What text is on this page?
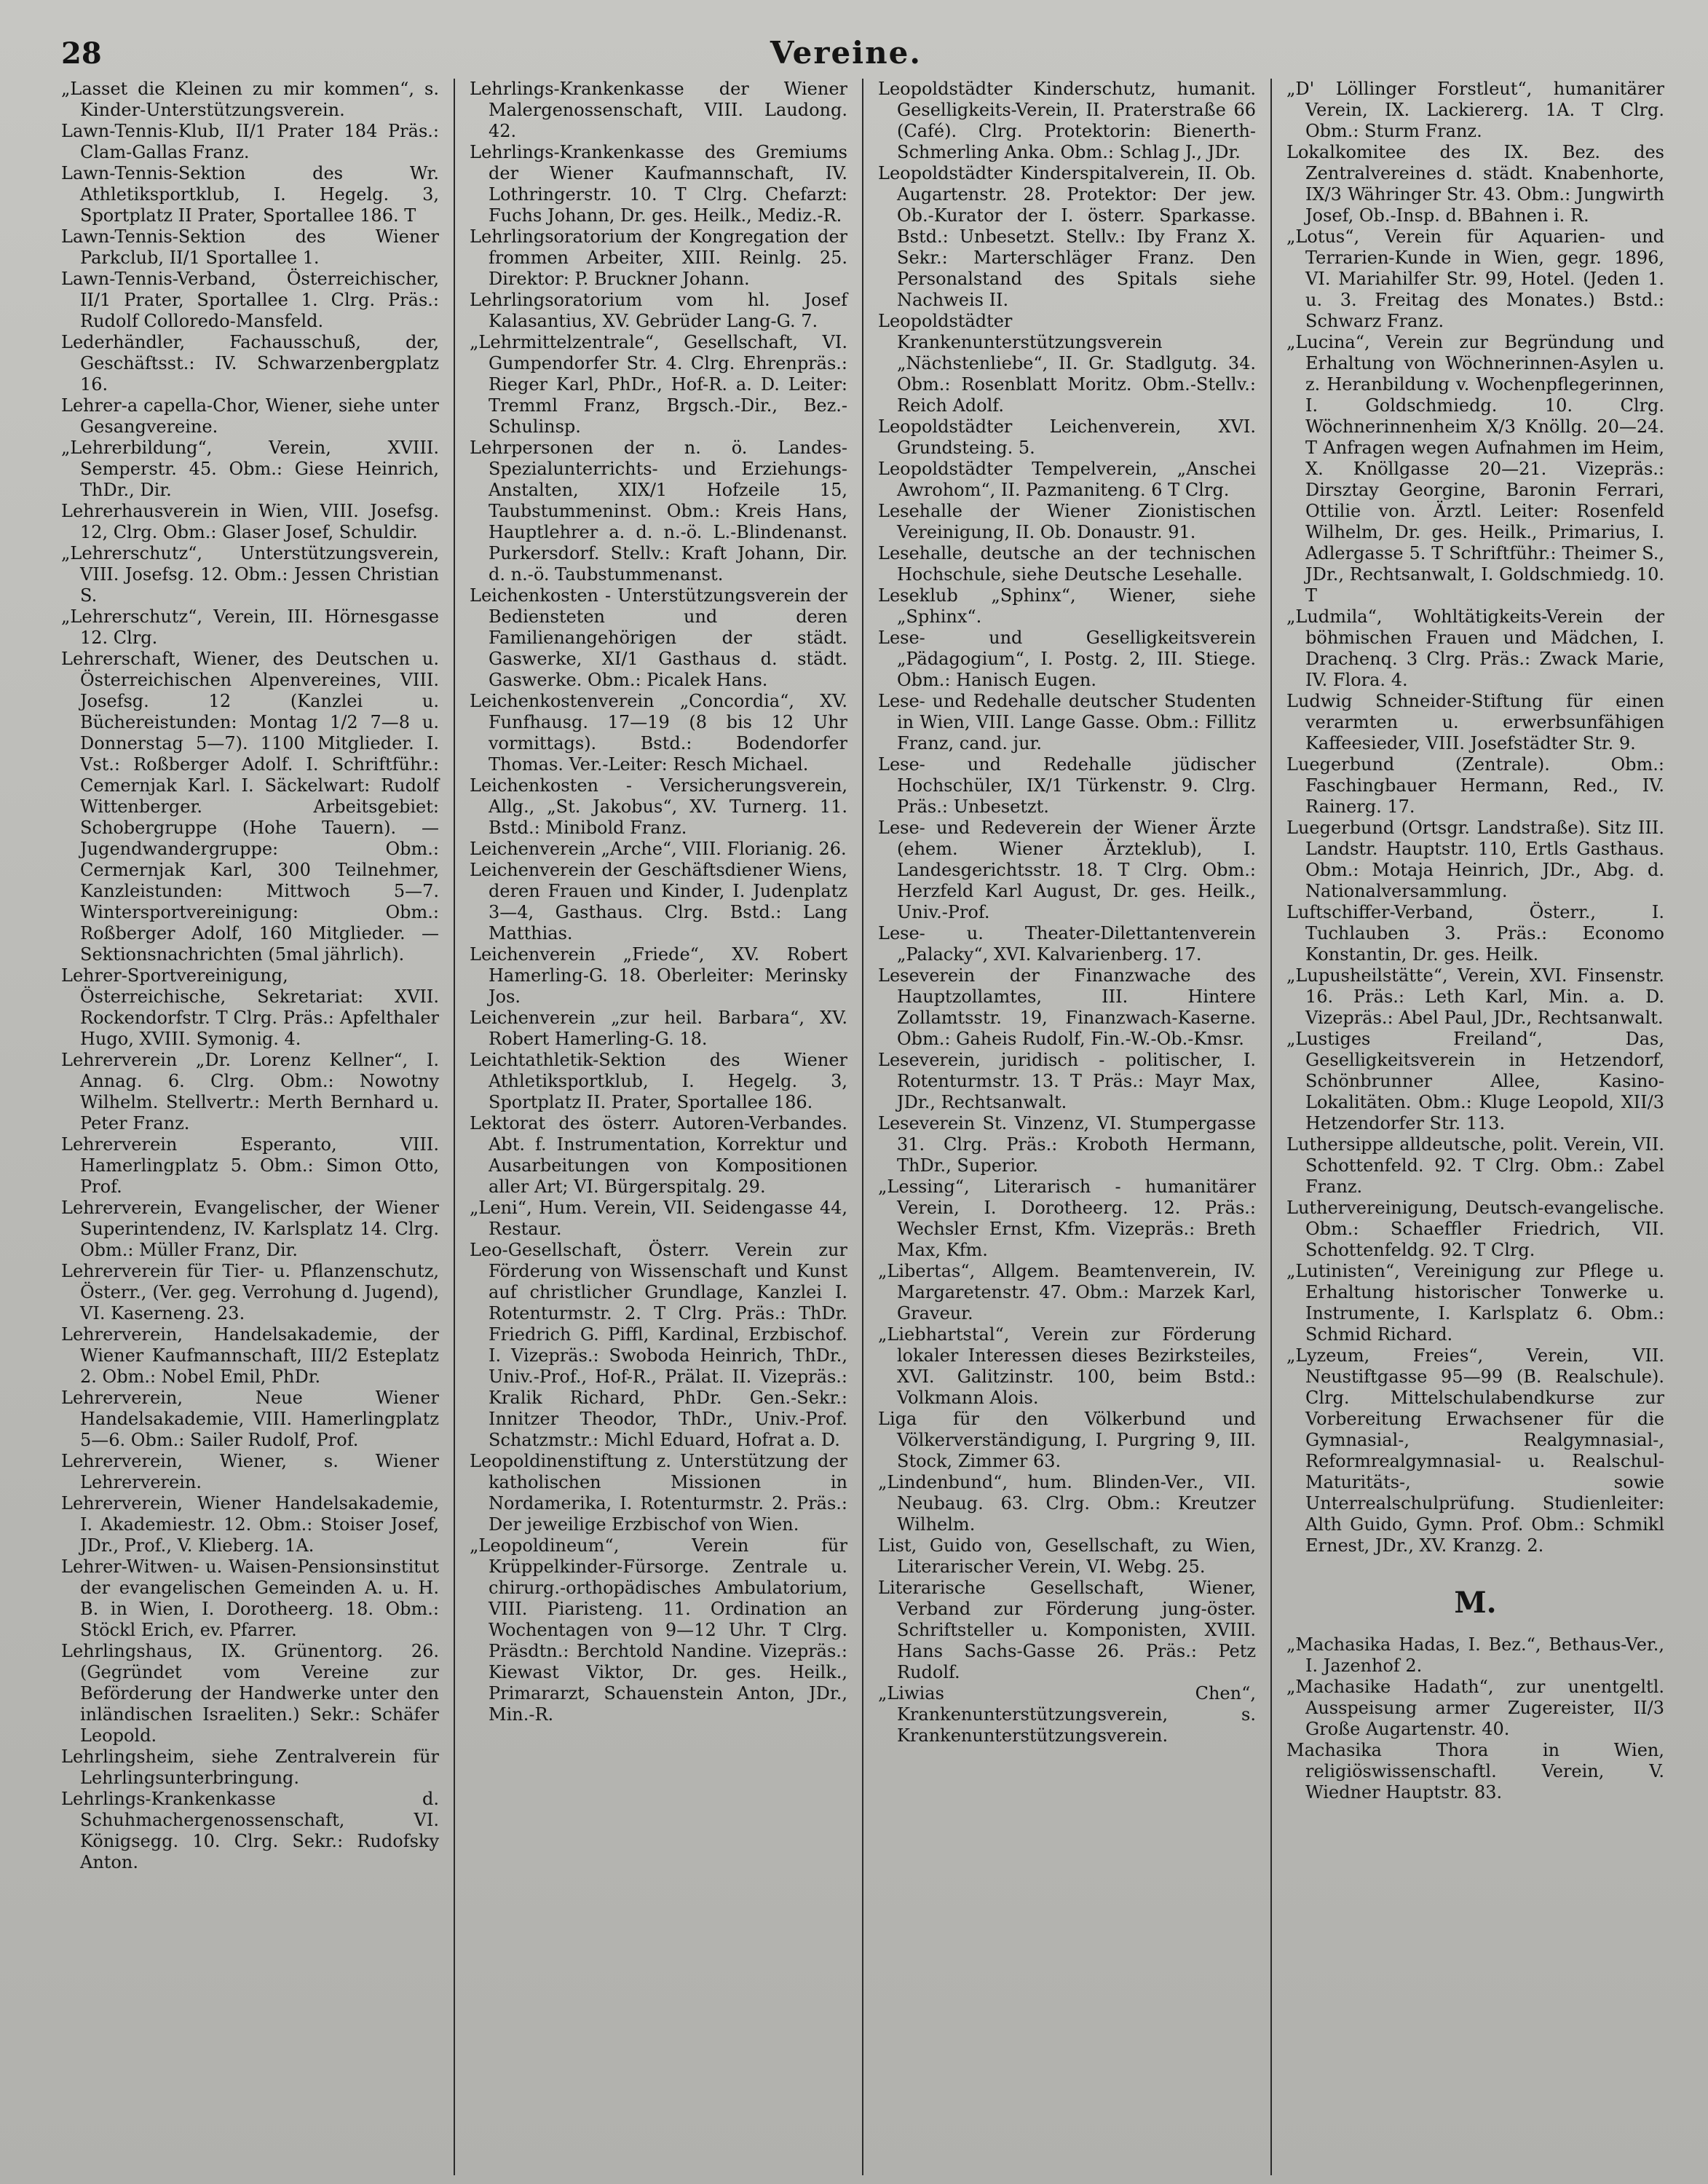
28	Vereine.

„Lasset die Kleinen zu mir kommen“, s. Kinder-Unterstützungsverein.

Lawn-Tennis-Klub, II/1 Prater 184 Präs.: Clam-Gallas Franz.

Lawn-Tennis-Sektion des Wr. Athletiksportklub, I. Hegelg. 3, Sportplatz II Prater, Sportallee 186. T

Lawn-Tennis-Sektion des Wiener Parkclub, II/1 Sportallee 1.

Lawn-Tennis-Verband, Österreichischer, II/1 Prater, Sportallee 1. Clrg. Präs.: Rudolf Colloredo-Mansfeld.

Lederhändler, Fachausschuß, der, Geschäftsst.: IV. Schwarzenbergplatz 16.

Lehrer-a capella-Chor, Wiener, siehe unter Gesangvereine.

„Lehrerbildung“, Verein, XVIII. Semperstr. 45. Obm.: Giese Heinrich, ThDr., Dir.

Lehrerhausverein in Wien, VIII. Josefsg. 12, Clrg. Obm.: Glaser Josef, Schuldir.

„Lehrerschutz“, Unterstützungsverein, VIII. Josefsg. 12. Obm.: Jessen Christian S.

„Lehrerschutz“, Verein, III. Hörnesgasse 12. Clrg.

Lehrerschaft, Wiener, des Deutschen u. Österreichischen Alpenvereines, VIII. Josefsg. 12 (Kanzlei u. Büchereistunden: Montag 1/2 7—8 u. Donnerstag 5—7). 1100 Mitglieder. I. Vst.: Roßberger Adolf. I. Schriftführ.: Cemernjak Karl. I. Säckelwart: Rudolf Wittenberger. Arbeitsgebiet: Schobergruppe (Hohe Tauern). — Jugendwandergruppe: Obm.: Cermernjak Karl, 300 Teilnehmer, Kanzleistunden: Mittwoch 5—7. Wintersportvereinigung: Obm.: Roßberger Adolf, 160 Mitglieder. — Sektionsnachrichten (5mal jährlich).

Lehrer-Sportvereinigung, Österreichische, Sekretariat: XVII. Rockendorfstr. T Clrg. Präs.: Apfelthaler Hugo, XVIII. Symonig. 4.

Lehrerverein „Dr. Lorenz Kellner“, I. Annag. 6. Clrg. Obm.: Nowotny Wilhelm. Stellvertr.: Merth Bernhard u. Peter Franz.

Lehrerverein Esperanto, VIII. Hamerlingplatz 5. Obm.: Simon Otto, Prof.

Lehrerverein, Evangelischer, der Wiener Superintendenz, IV. Karlsplatz 14. Clrg. Obm.: Müller Franz, Dir.

Lehrerverein für Tier- u. Pflanzenschutz, Österr., (Ver. geg. Verrohung d. Jugend), VI. Kaserneng. 23.

Lehrerverein, Handelsakademie, der Wiener Kaufmannschaft, III/2 Esteplatz 2. Obm.: Nobel Emil, PhDr.

Lehrerverein, Neue Wiener Handelsakademie, VIII. Hamerlingplatz 5—6. Obm.: Sailer Rudolf, Prof.

Lehrerverein, Wiener, s. Wiener Lehrerverein.

Lehrerverein, Wiener Handelsakademie, I. Akademiestr. 12. Obm.: Stoiser Josef, JDr., Prof., V. Klieberg. 1A.

Lehrer-Witwen- u. Waisen-Pensionsinstitut der evangelischen Gemeinden A. u. H. B. in Wien, I. Dorotheerg. 18. Obm.: Stöckl Erich, ev. Pfarrer.

Lehrlingshaus, IX. Grünentorg. 26. (Gegründet vom Vereine zur Beförderung der Handwerke unter den inländischen Israeliten.) Sekr.: Schäfer Leopold.

Lehrlingsheim, siehe Zentralverein für Lehrlingsunterbringung.

Lehrlings-Krankenkasse d. Schuhmachergenossenschaft, VI. Königsegg. 10. Clrg. Sekr.: Rudofsky Anton.

Lehrlings-Krankenkasse der Wiener Malergenossenschaft, VIII. Laudong. 42.

Lehrlings-Krankenkasse des Gremiums der Wiener Kaufmannschaft, IV. Lothringerstr. 10. T Clrg. Chefarzt: Fuchs Johann, Dr. ges. Heilk., Mediz.-R.

Lehrlingsoratorium der Kongregation der frommen Arbeiter, XIII. Reinlg. 25. Direktor: P. Bruckner Johann.

Lehrlingsoratorium vom hl. Josef Kalasantius, XV. Gebrüder Lang-G. 7.

„Lehrmittelzentrale“, Gesellschaft, VI. Gumpendorfer Str. 4. Clrg. Ehrenpräs.: Rieger Karl, PhDr., Hof-R. a. D. Leiter: Tremml Franz, Brgsch.-Dir., Bez.-Schulinsp.

Lehrpersonen der n. ö. Landes-Spezialunterrichts- und Erziehungs-Anstalten, XIX/1 Hofzeile 15, Taubstummeninst. Obm.: Kreis Hans, Hauptlehrer a. d. n.-ö. L.-Blindenanst. Purkersdorf. Stellv.: Kraft Johann, Dir. d. n.-ö. Taubstummenanst.

Leichenkosten - Unterstützungsverein der Bediensteten und deren Familienangehörigen der städt. Gaswerke, XI/1 Gasthaus d. städt. Gaswerke. Obm.: Picalek Hans.

Leichenkostenverein „Concordia“, XV. Funfhausg. 17—19 (8 bis 12 Uhr vormittags). Bstd.: Bodendorfer Thomas. Ver.-Leiter: Resch Michael.

Leichenkosten - Versicherungsverein, Allg., „St. Jakobus“, XV. Turnerg. 11. Bstd.: Minibold Franz.

Leichenverein „Arche“, VIII. Florianig. 26.

Leichenverein der Geschäftsdiener Wiens, deren Frauen und Kinder, I. Judenplatz 3—4, Gasthaus. Clrg. Bstd.: Lang Matthias.

Leichenverein „Friede“, XV. Robert Hamerling-G. 18. Oberleiter: Merinsky Jos.

Leichenverein „zur heil. Barbara“, XV. Robert Hamerling-G. 18.

Leichtathletik-Sektion des Wiener Athletiksportklub, I. Hegelg. 3, Sportplatz II. Prater, Sportallee 186.

Lektorat des österr. Autoren-Verbandes. Abt. f. Instrumentation, Korrektur und Ausarbeitungen von Kompositionen aller Art; VI. Bürgerspitalg. 29.

„Leni“, Hum. Verein, VII. Seidengasse 44, Restaur.

Leo-Gesellschaft, Österr. Verein zur Förderung von Wissenschaft und Kunst auf christlicher Grundlage, Kanzlei I. Rotenturmstr. 2. T Clrg. Präs.: ThDr. Friedrich G. Piffl, Kardinal, Erzbischof. I. Vizepräs.: Swoboda Heinrich, ThDr., Univ.-Prof., Hof-R., Prälat. II. Vizepräs.: Kralik Richard, PhDr. Gen.-Sekr.: Innitzer Theodor, ThDr., Univ.-Prof. Schatzmstr.: Michl Eduard, Hofrat a. D.

Leopoldinenstiftung z. Unterstützung der katholischen Missionen in Nordamerika, I. Rotenturmstr. 2. Präs.: Der jeweilige Erzbischof von Wien.

„Leopoldineum“, Verein für Krüppelkinder-Fürsorge. Zentrale u. chirurg.-orthopädisches Ambulatorium, VIII. Piaristeng. 11. Ordination an Wochentagen von 9—12 Uhr. T Clrg. Präsdtn.: Berchtold Nandine. Vizepräs.: Kiewast Viktor, Dr. ges. Heilk., Primararzt, Schauenstein Anton, JDr., Min.-R.

Leopoldstädter Kinderschutz, humanit. Geselligkeits-Verein, II. Praterstraße 66 (Café). Clrg. Protektorin: Bienerth-Schmerling Anka. Obm.: Schlag J., JDr.

Leopoldstädter Kinderspitalverein, II. Ob. Augartenstr. 28. Protektor: Der jew. Ob.-Kurator der I. österr. Sparkasse. Bstd.: Unbesetzt. Stellv.: Iby Franz X. Sekr.: Marterschläger Franz. Den Personalstand des Spitals siehe Nachweis II.

Leopoldstädter Krankenunterstützungsverein „Nächstenliebe“, II. Gr. Stadlgutg. 34. Obm.: Rosenblatt Moritz. Obm.-Stellv.: Reich Adolf.

Leopoldstädter Leichenverein, XVI. Grundsteing. 5.

Leopoldstädter Tempelverein, „Anschei Awrohom“, II. Pazmaniteng. 6 T Clrg.

Lesehalle der Wiener Zionistischen Vereinigung, II. Ob. Donaustr. 91.

Lesehalle, deutsche an der technischen Hochschule, siehe Deutsche Lesehalle.

Leseklub „Sphinx“, Wiener, siehe „Sphinx“.

Lese- und Geselligkeitsverein „Pädagogium“, I. Postg. 2, III. Stiege. Obm.: Hanisch Eugen.

Lese- und Redehalle deutscher Studenten in Wien, VIII. Lange Gasse. Obm.: Fillitz Franz, cand. jur.

Lese- und Redehalle jüdischer Hochschüler, IX/1 Türkenstr. 9. Clrg. Präs.: Unbesetzt.

Lese- und Redeverein der Wiener Ärzte (ehem. Wiener Ärzteklub), I. Landesgerichtsstr. 18. T Clrg. Obm.: Herzfeld Karl August, Dr. ges. Heilk., Univ.-Prof.

Lese- u. Theater-Dilettantenverein „Palacky“, XVI. Kalvarienberg. 17.

Leseverein der Finanzwache des Hauptzollamtes, III. Hintere Zollamtsstr. 19, Finanzwach-Kaserne. Obm.: Gaheis Rudolf, Fin.-W.-Ob.-Kmsr.

Leseverein, juridisch - politischer, I. Rotenturmstr. 13. T Präs.: Mayr Max, JDr., Rechtsanwalt.

Leseverein St. Vinzenz, VI. Stumpergasse 31. Clrg. Präs.: Kroboth Hermann, ThDr., Superior.

„Lessing“, Literarisch - humanitärer Verein, I. Dorotheerg. 12. Präs.: Wechsler Ernst, Kfm. Vizepräs.: Breth Max, Kfm.

„Libertas“, Allgem. Beamtenverein, IV. Margaretenstr. 47. Obm.: Marzek Karl, Graveur.

„Liebhartstal“, Verein zur Förderung lokaler Interessen dieses Bezirksteiles, XVI. Galitzinstr. 100, beim Bstd.: Volkmann Alois.

Liga für den Völkerbund und Völkerverständigung, I. Purgring 9, III. Stock, Zimmer 63.

„Lindenbund“, hum. Blinden-Ver., VII. Neubaug. 63. Clrg. Obm.: Kreutzer Wilhelm.

List, Guido von, Gesellschaft, zu Wien, Literarischer Verein, VI. Webg. 25.

Literarische Gesellschaft, Wiener, Verband zur Förderung jung-öster. Schriftsteller u. Komponisten, XVIII. Hans Sachs-Gasse 26. Präs.: Petz Rudolf.

„Liwias Chen“, Krankenunterstützungsverein, s. Krankenunterstützungsverein.

„D' Löllinger Forstleut“, humanitärer Verein, IX. Lackiererg. 1A. T Clrg. Obm.: Sturm Franz.

Lokalkomitee des IX. Bez. des Zentralvereines d. städt. Knabenhorte, IX/3 Währinger Str. 43. Obm.: Jungwirth Josef, Ob.-Insp. d. BBahnen i. R.

„Lotus“, Verein für Aquarien- und Terrarien-Kunde in Wien, gegr. 1896, VI. Mariahilfer Str. 99, Hotel. (Jeden 1. u. 3. Freitag des Monates.) Bstd.: Schwarz Franz.

„Lucina“, Verein zur Begründung und Erhaltung von Wöchnerinnen-Asylen u. z. Heranbildung v. Wochenpflegerinnen, I. Goldschmiedg. 10. Clrg. Wöchnerinnenheim X/3 Knöllg. 20—24. T Anfragen wegen Aufnahmen im Heim, X. Knöllgasse 20—21. Vizepräs.: Dirsztay Georgine, Baronin Ferrari, Ottilie von. Ärztl. Leiter: Rosenfeld Wilhelm, Dr. ges. Heilk., Primarius, I. Adlergasse 5. T Schriftführ.: Theimer S., JDr., Rechtsanwalt, I. Goldschmiedg. 10. T

„Ludmila“, Wohltätigkeits-Verein der böhmischen Frauen und Mädchen, I. Drachenq. 3 Clrg. Präs.: Zwack Marie, IV. Flora. 4.

Ludwig Schneider-Stiftung für einen verarmten u. erwerbsunfähigen Kaffeesieder, VIII. Josefstädter Str. 9.

Luegerbund (Zentrale). Obm.: Faschingbauer Hermann, Red., IV. Rainerg. 17.

Luegerbund (Ortsgr. Landstraße). Sitz III. Landstr. Hauptstr. 110, Ertls Gasthaus. Obm.: Motaja Heinrich, JDr., Abg. d. Nationalversammlung.

Luftschiffer-Verband, Österr., I. Tuchlauben 3. Präs.: Economo Konstantin, Dr. ges. Heilk.

„Lupusheilstätte“, Verein, XVI. Finsenstr. 16. Präs.: Leth Karl, Min. a. D. Vizepräs.: Abel Paul, JDr., Rechtsanwalt.

„Lustiges Freiland“, Das, Geselligkeitsverein in Hetzendorf, Schönbrunner Allee, Kasino-Lokalitäten. Obm.: Kluge Leopold, XII/3 Hetzendorfer Str. 113.

Luthersippe alldeutsche, polit. Verein, VII. Schottenfeld. 92. T Clrg. Obm.: Zabel Franz.

Luthervereinigung, Deutsch-evangelische. Obm.: Schaeffler Friedrich, VII. Schottenfeldg. 92. T Clrg.

„Lutinisten“, Vereinigung zur Pflege u. Erhaltung historischer Tonwerke u. Instrumente, I. Karlsplatz 6. Obm.: Schmid Richard.

„Lyzeum, Freies“, Verein, VII. Neustiftgasse 95—99 (B. Realschule). Clrg. Mittelschulabendkurse zur Vorbereitung Erwachsener für die Gymnasial-, Realgymnasial-, Reformrealgymnasial- u. Realschul-Maturitäts-, sowie Unterrealschulprüfung. Studienleiter: Alth Guido, Gymn. Prof. Obm.: Schmikl Ernest, JDr., XV. Kranzg. 2.

M.

„Machasika Hadas, I. Bez.“, Bethaus-Ver., I. Jazenhof 2.

„Machasike Hadath“, zur unentgeltl. Ausspeisung armer Zugereister, II/3 Große Augartenstr. 40.

Machasika Thora in Wien, religiöswissenschaftl. Verein, V. Wiedner Hauptstr. 83.
